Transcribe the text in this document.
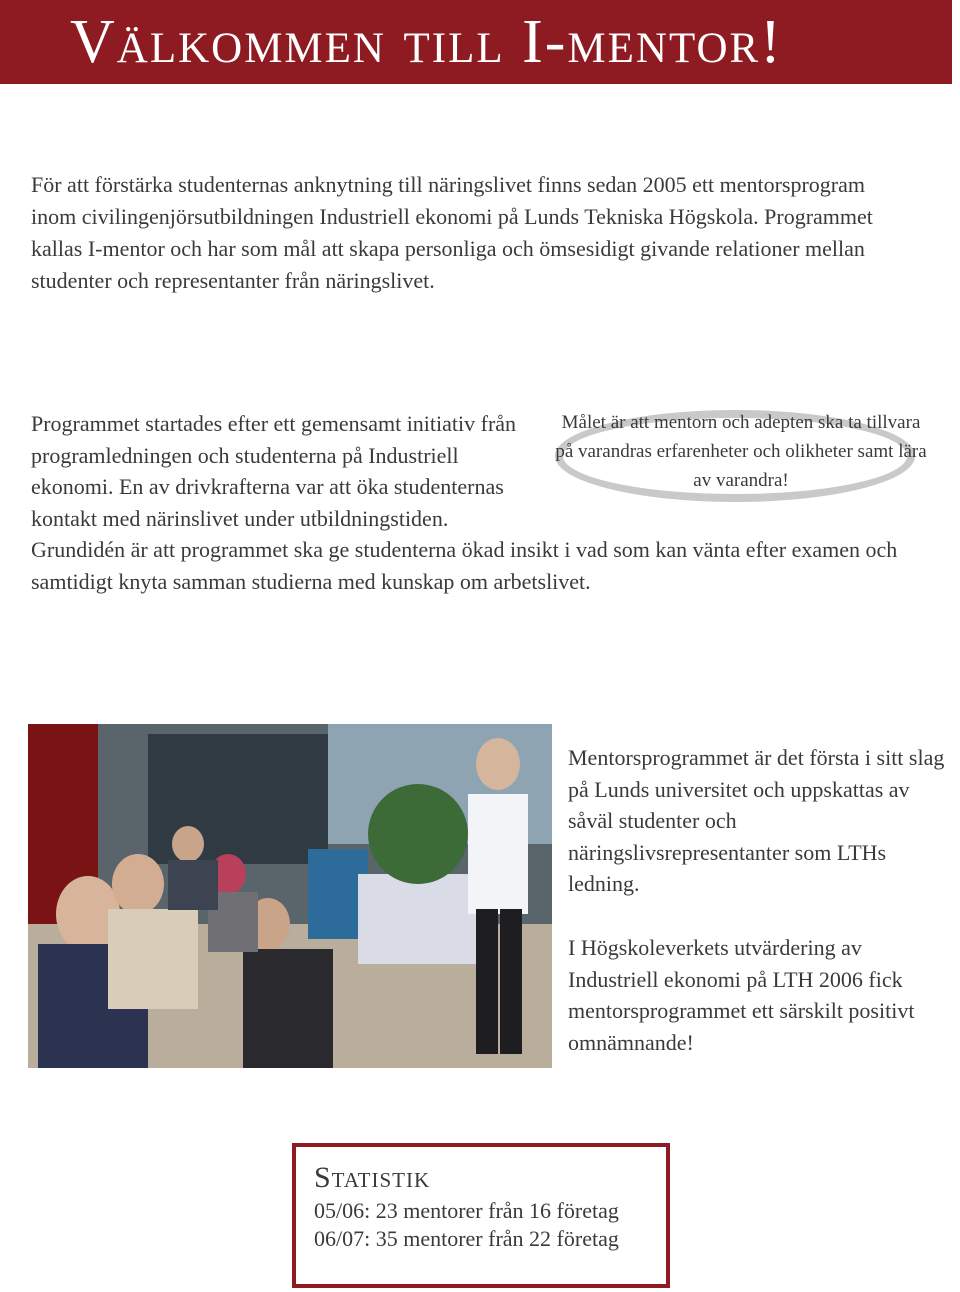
Välkommen till I-mentor!

För att förstärka studenternas anknytning till näringslivet finns sedan 2005 ett mentorsprogram inom civilingenjörsutbildningen Industriell ekonomi på Lunds Tekniska Högskola. Programmet kallas I-mentor och har som mål att skapa personliga och ömsesidigt givande relationer mellan studenter och representanter från näringslivet.

Målet är att mentorn och adepten ska ta tillvara på varandras erfarenheter och olikheter samt lära av varandra!

Programmet startades efter ett gemensamt initiativ från programledningen och studenterna på Industriell ekonomi. En av drivkrafterna var att öka studenternas kontakt med närinslivet under utbildningstiden. Grundidén är att programmet ska ge studenterna ökad insikt i vad som kan vänta efter examen och samtidigt knyta samman studierna med kunskap om arbetslivet.

Mentorsprogrammet är det första i sitt slag på Lunds universitet och uppskattas av såväl studenter och näringslivsrepresentanter som LTHs ledning.

I Högskoleverkets utvärdering av Industriell ekonomi på LTH 2006 fick mentorsprogrammet ett särskilt positivt omnämnande!

Statistik
05/06: 23 mentorer från 16 företag
06/07: 35 mentorer från 22 företag
